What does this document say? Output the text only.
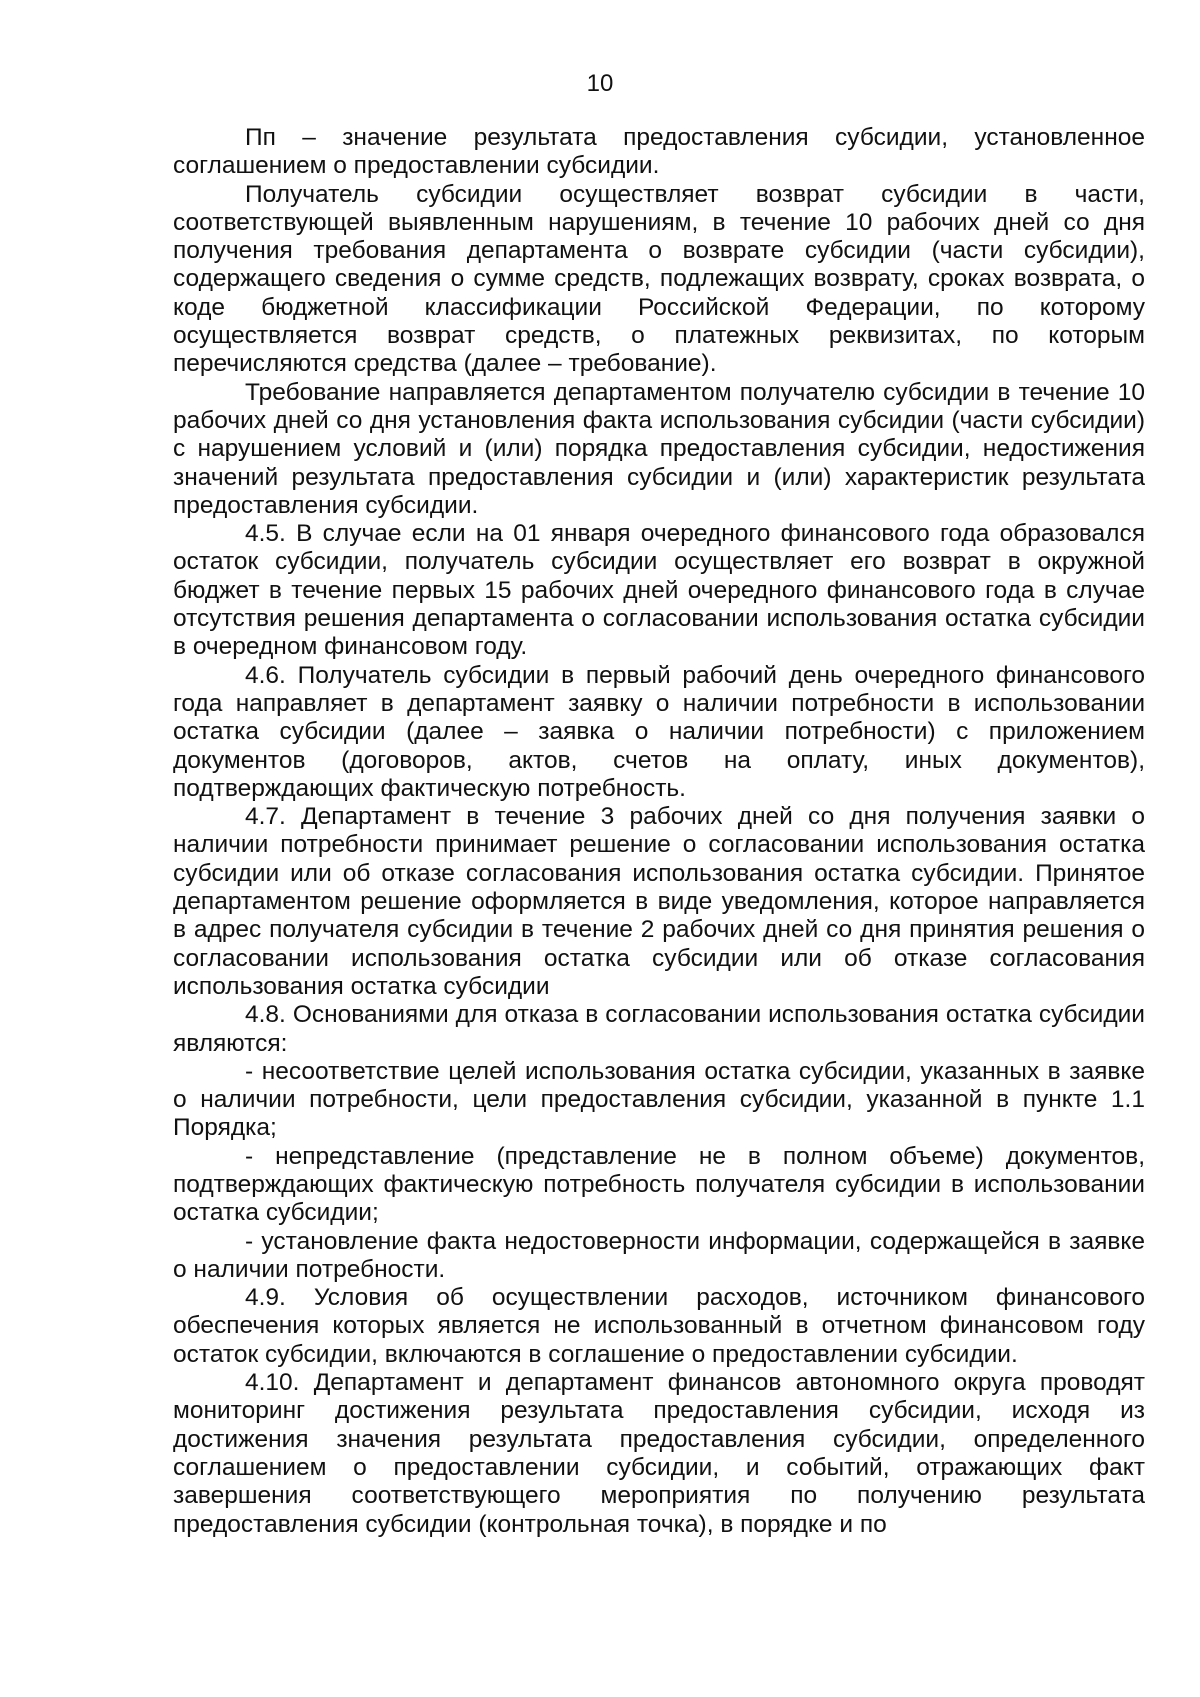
10

Пп – значение результата предоставления субсидии, установленное соглашением о предоставлении субсидии.

Получатель субсидии осуществляет возврат субсидии в части, соответствующей выявленным нарушениям, в течение 10 рабочих дней со дня получения требования департамента о возврате субсидии (части субсидии), содержащего сведения о сумме средств, подлежащих возврату, сроках возврата, о коде бюджетной классификации Российской Федерации, по которому осуществляется возврат средств, о платежных реквизитах, по которым перечисляются средства (далее – требование).

Требование направляется департаментом получателю субсидии в течение 10 рабочих дней со дня установления факта использования субсидии (части субсидии) с нарушением условий и (или) порядка предоставления субсидии, недостижения значений результата предоставления субсидии и (или) характеристик результата предоставления субсидии.

4.5. В случае если на 01 января очередного финансового года образовался остаток субсидии, получатель субсидии осуществляет его возврат в окружной бюджет в течение первых 15 рабочих дней очередного финансового года в случае отсутствия решения департамента о согласовании использования остатка субсидии в очередном финансовом году.

4.6. Получатель субсидии в первый рабочий день очередного финансового года направляет в департамент заявку о наличии потребности в использовании остатка субсидии (далее – заявка о наличии потребности) с приложением документов (договоров, актов, счетов на оплату, иных документов), подтверждающих фактическую потребность.

4.7. Департамент в течение 3 рабочих дней со дня получения заявки о наличии потребности принимает решение о согласовании использования остатка субсидии или об отказе согласования использования остатка субсидии. Принятое департаментом решение оформляется в виде уведомления, которое направляется в адрес получателя субсидии в течение 2 рабочих дней со дня принятия решения о согласовании использования остатка субсидии или об отказе согласования использования остатка субсидии

4.8. Основаниями для отказа в согласовании использования остатка субсидии являются:

- несоответствие целей использования остатка субсидии, указанных в заявке о наличии потребности, цели предоставления субсидии, указанной в пункте 1.1 Порядка;

- непредставление (представление не в полном объеме) документов, подтверждающих фактическую потребность получателя субсидии в использовании остатка субсидии;

- установление факта недостоверности информации, содержащейся в заявке о наличии потребности.

4.9. Условия об осуществлении расходов, источником финансового обеспечения которых является не использованный в отчетном финансовом году остаток субсидии, включаются в соглашение о предоставлении субсидии.

4.10. Департамент и департамент финансов автономного округа проводят мониторинг достижения результата предоставления субсидии, исходя из достижения значения результата предоставления субсидии, определенного соглашением о предоставлении субсидии, и событий, отражающих факт завершения соответствующего мероприятия по получению результата предоставления субсидии (контрольная точка), в порядке и по
